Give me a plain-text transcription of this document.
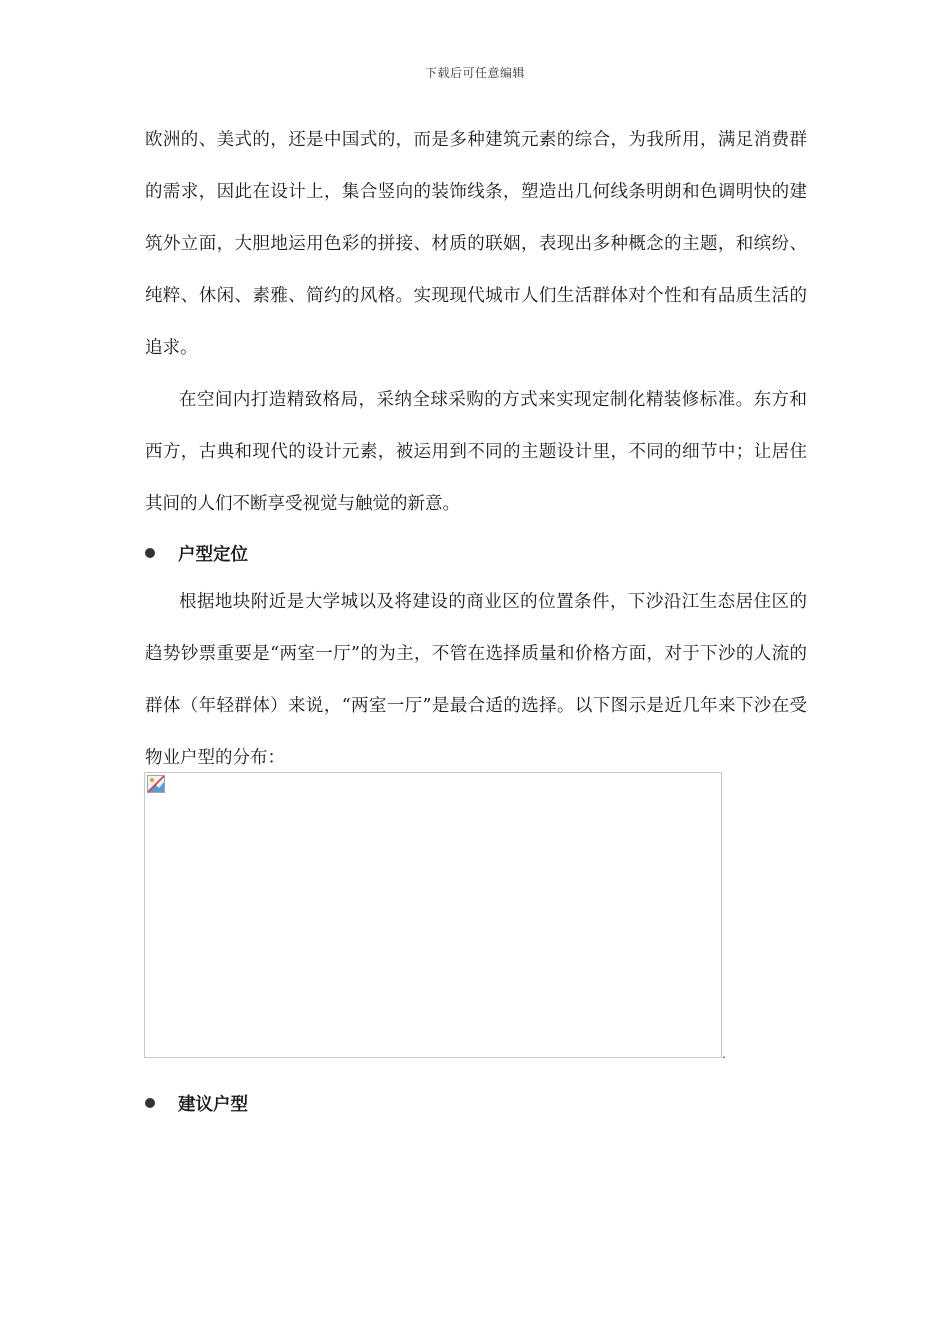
下载后可任意编辑

欧洲的、美式的，还是中国式的，而是多种建筑元素的综合，为我所用，满足消费群的需求，因此在设计上，集合竖向的装饰线条，塑造出几何线条明朗和色调明快的建筑外立面，大胆地运用色彩的拼接、材质的联姻，表现出多种概念的主题，和缤纷、纯粹、休闲、素雅、简约的风格。实现现代城市人们生活群体对个性和有品质生活的追求。

在空间内打造精致格局，采纳全球采购的方式来实现定制化精装修标准。东方和西方，古典和现代的设计元素，被运用到不同的主题设计里，不同的细节中；让居住其间的人们不断享受视觉与触觉的新意。

户型定位

根据地块附近是大学城以及将建设的商业区的位置条件，下沙沿江生态居住区的趋势钞票重要是“两室一厅”的为主，不管在选择质量和价格方面，对于下沙的人流的群体（年轻群体）来说，“两室一厅”是最合适的选择。以下图示是近几年来下沙在受物业户型的分布：

.
建议户型
